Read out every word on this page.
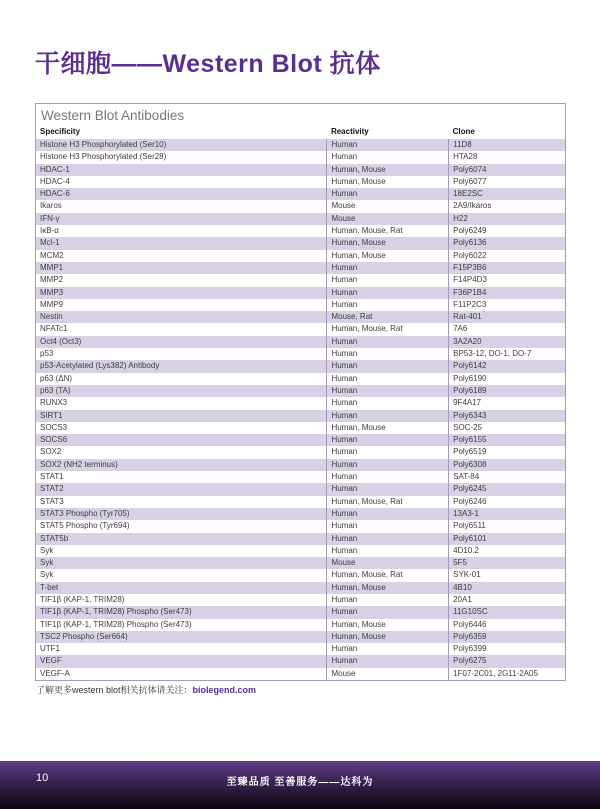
干细胞——Western Blot 抗体
Western Blot Antibodies
Specificity	Reactivity	Clone
Histone H3 Phosphorylated (Ser10)	Human	11D8
Histone H3 Phosphorylated (Ser28)	Human	HTA28
HDAC-1	Human, Mouse	Poly6074
HDAC-4	Human, Mouse	Poly6077
HDAC-6	Human	18E2SC
Ikaros	Mouse	2A9/Ikaros
IFN-γ	Mouse	H22
IκB-α	Human, Mouse, Rat	Poly6249
Mcl-1	Human, Mouse	Poly6136
MCM2	Human, Mouse	Poly6022
MMP1	Human	F15P3B6
MMP2	Human	F14P4D3
MMP3	Human	F36P1B4
MMP9	Human	F11P2C3
Nestin	Mouse, Rat	Rat-401
NFATc1	Human, Mouse, Rat	7A6
Oct4 (Oct3)	Human	3A2A20
p53	Human	BP53-12, DO-1, DO-7
p53-Acetylated (Lys382) Antibody	Human	Poly6142
p63 (ΔN)	Human	Poly6190
p63 (TA)	Human	Poly6189
RUNX3	Human	9F4A17
SIRT1	Human	Poly6343
SOCS3	Human, Mouse	SOC-25
SOCS6	Human	Poly6155
SOX2	Human	Poly6519
SOX2 (NH2 terminus)	Human	Poly6308
STAT1	Human	SAT-84
STAT2	Human	Poly6245
STAT3	Human, Mouse, Rat	Poly6246
STAT3 Phospho (Tyr705)	Human	13A3-1
STAT5 Phospho (Tyr694)	Human	Poly6511
STAT5b	Human	Poly6101
Syk	Human	4D10.2
Syk	Mouse	5F5
Syk	Human, Mouse, Rat	SYK-01
T-bet	Human, Mouse	4B10
TIF1β (KAP-1, TRIM28)	Human	20A1
TIF1β (KAP-1, TRIM28) Phospho (Ser473)	Human	11G10SC
TIF1β (KAP-1, TRIM28) Phospho (Ser473)	Human, Mouse	Poly6446
TSC2 Phospho (Ser664)	Human, Mouse	Poly6359
UTF1	Human	Poly6399
VEGF	Human	Poly6275
VEGF-A	Mouse	1F07-2C01, 2G11-2A05

了解更多western blot相关抗体请关注：biolegend.com

10	至臻品质 至善服务——达科为
